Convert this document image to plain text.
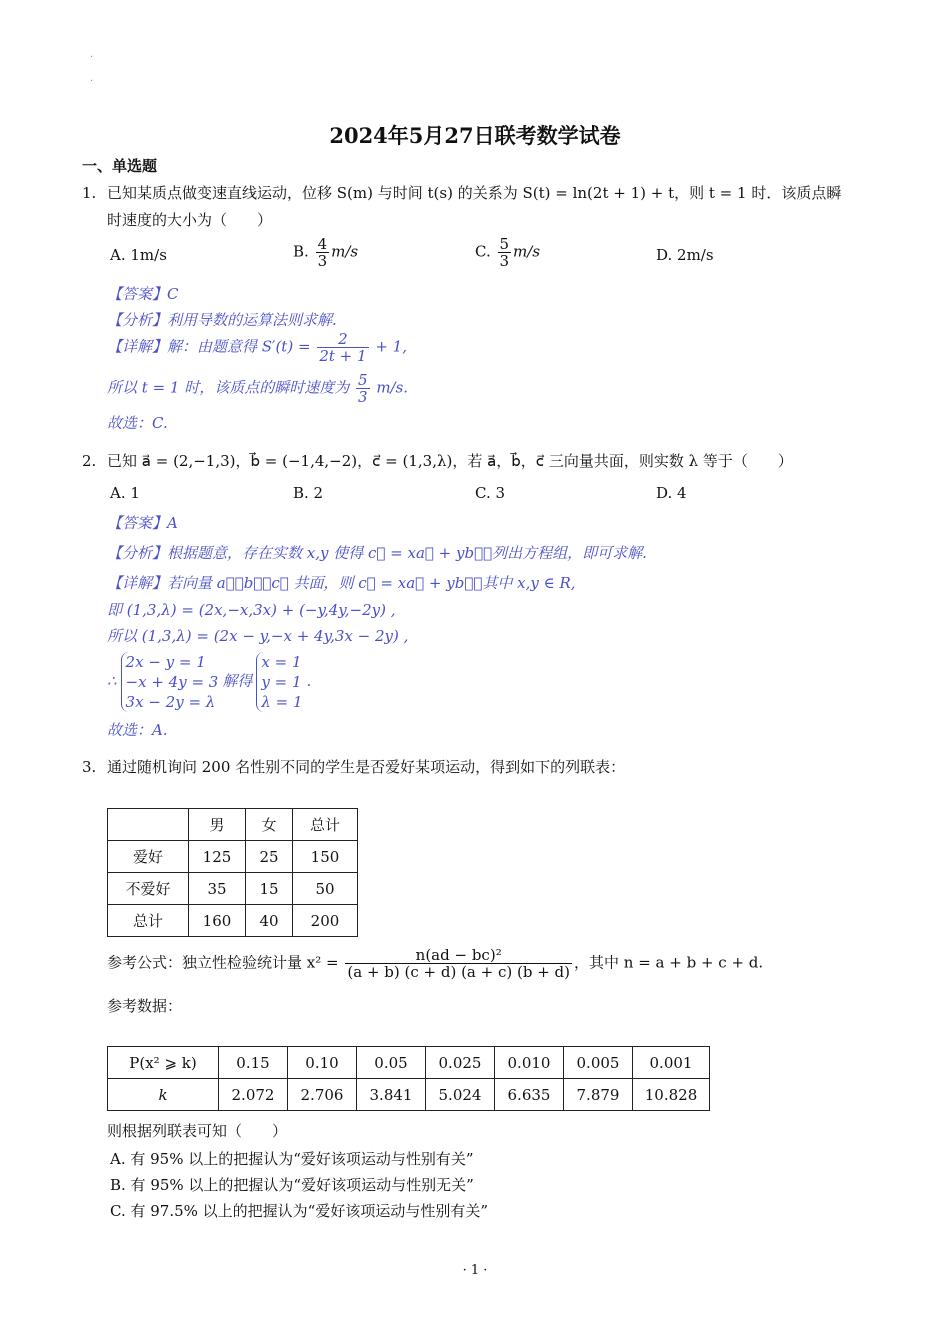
·
·
2024年5月27日联考数学试卷
一、单选题
1. 已知某质点做变速直线运动，位移 S(m) 与时间 t(s) 的关系为 S(t) = ln(2t + 1) + t，则 t = 1 时．该质点瞬
时速度的大小为（　　）
A. 1m/s	B. $\frac{4}{3} m/s$	C. $\frac{5}{3} m/s$	D. 2m/s
【答案】C
【分析】利用导数的运算法则求解.
【详解】解：由题意得 $S'(t) = \frac{2}{2t + 1} + 1$,
所以 t = 1 时，该质点的瞬时速度为 $\frac{5}{3} m/s$.
故选：C.
2. 已知 a⃗ = (2,−1,3)，b⃗ = (−1,4,−2)，c⃗ = (1,3,λ)，若 a⃗，b⃗，c⃗ 三向量共面，则实数 λ 等于（　　）
A. 1	B. 2	C. 3	D. 4
【答案】A
【分析】根据题意，存在实数 x,y 使得 c⃗ = xa⃗ + yb⃗，列出方程组，即可求解.
【详解】若向量 a⃗，b⃗，c⃗ 共面，则 c⃗ = xa⃗ + yb⃗，其中 x,y ∈ R,
即 (1,3,λ) = (2x,−x,3x) + (−y,4y,−2y) ,
所以 (1,3,λ) = (2x − y,−x + 4y,3x − 2y) ,
∴
2x − y = 1
−x + 4y = 3
3x − 2y = λ
解得
x = 1
y = 1
λ = 1
.
故选：A.
3. 通过随机询问 200 名性别不同的学生是否爱好某项运动，得到如下的列联表：
	男	女	总计
爱好	125	25	150
不爱好	35	15	50
总计	160	40	200
参考公式：独立性检验统计量 $x^2 = \frac{\text{n(ad − bc)²}}{(a + b) (c + d) (a + c) (b + d)}$ ，其中 n = a + b + c + d.
参考数据：
P(x² ⩾ k)	0.15	0.10	0.05	0.025	0.010	0.005	0.001
k	2.072	2.706	3.841	5.024	6.635	7.879	10.828
则根据列联表可知（　　）
A. 有 95% 以上的把握认为“爱好该项运动与性别有关”
B. 有 95% 以上的把握认为“爱好该项运动与性别无关”
C. 有 97.5% 以上的把握认为“爱好该项运动与性别有关”
· 1 ·
